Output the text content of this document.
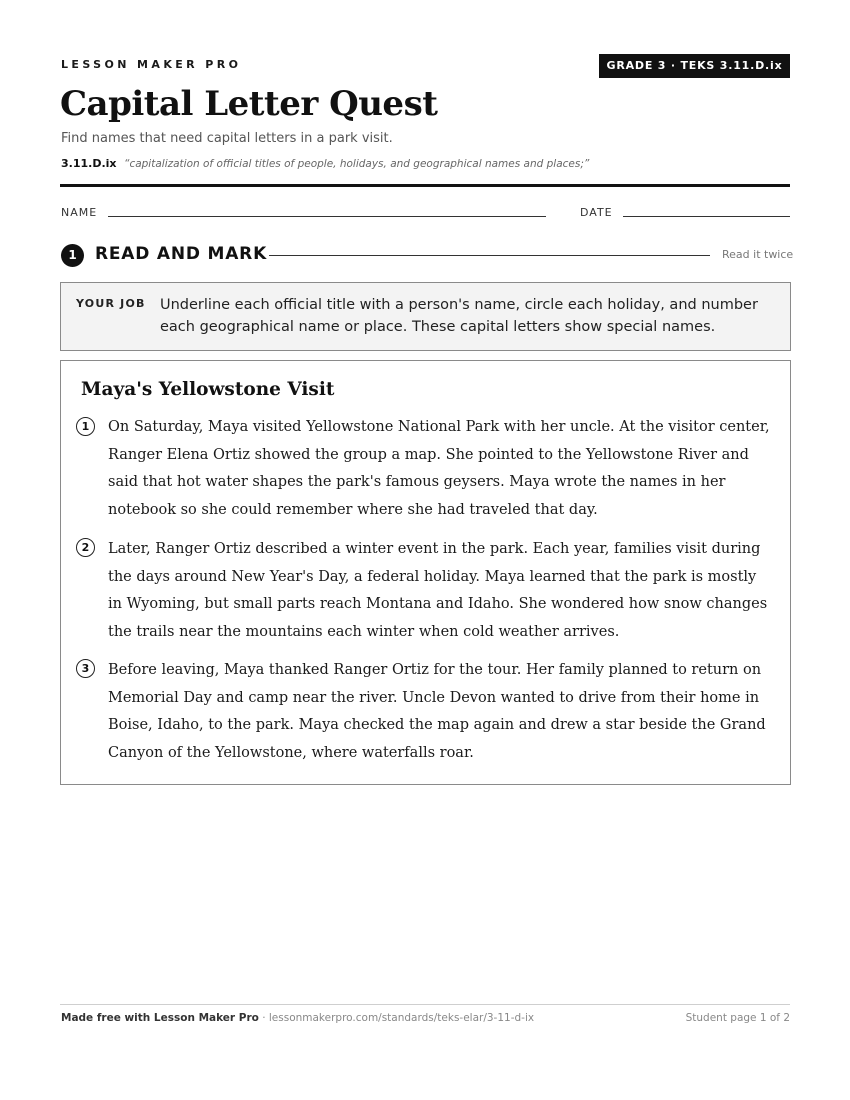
LESSON MAKER PRO	GRADE 3 · TEKS 3.11.D.ix
Capital Letter Quest
Find names that need capital letters in a park visit.
3.11.D.ix “capitalization of official titles of people, holidays, and geographical names and places;”
NAME	DATE
1	READ AND MARK	Read it twice
YOUR JOB Underline each official title with a person's name, circle each holiday, and number each geographical name or place. These capital letters show special names.
Maya's Yellowstone Visit
1	On Saturday, Maya visited Yellowstone National Park with her uncle. At the visitor center, Ranger Elena Ortiz showed the group a map. She pointed to the Yellowstone River and said that hot water shapes the park's famous geysers. Maya wrote the names in her notebook so she could remember where she had traveled that day.

2	Later, Ranger Ortiz described a winter event in the park. Each year, families visit during the days around New Year's Day, a federal holiday. Maya learned that the park is mostly in Wyoming, but small parts reach Montana and Idaho. She wondered how snow changes the trails near the mountains each winter when cold weather arrives.

3	Before leaving, Maya thanked Ranger Ortiz for the tour. Her family planned to return on Memorial Day and camp near the river. Uncle Devon wanted to drive from their home in Boise, Idaho, to the park. Maya checked the map again and drew a star beside the Grand Canyon of the Yellowstone, where waterfalls roar.

Made free with Lesson Maker Pro · lessonmakerpro.com/standards/teks-elar/3-11-d-ix	Student page 1 of 2
